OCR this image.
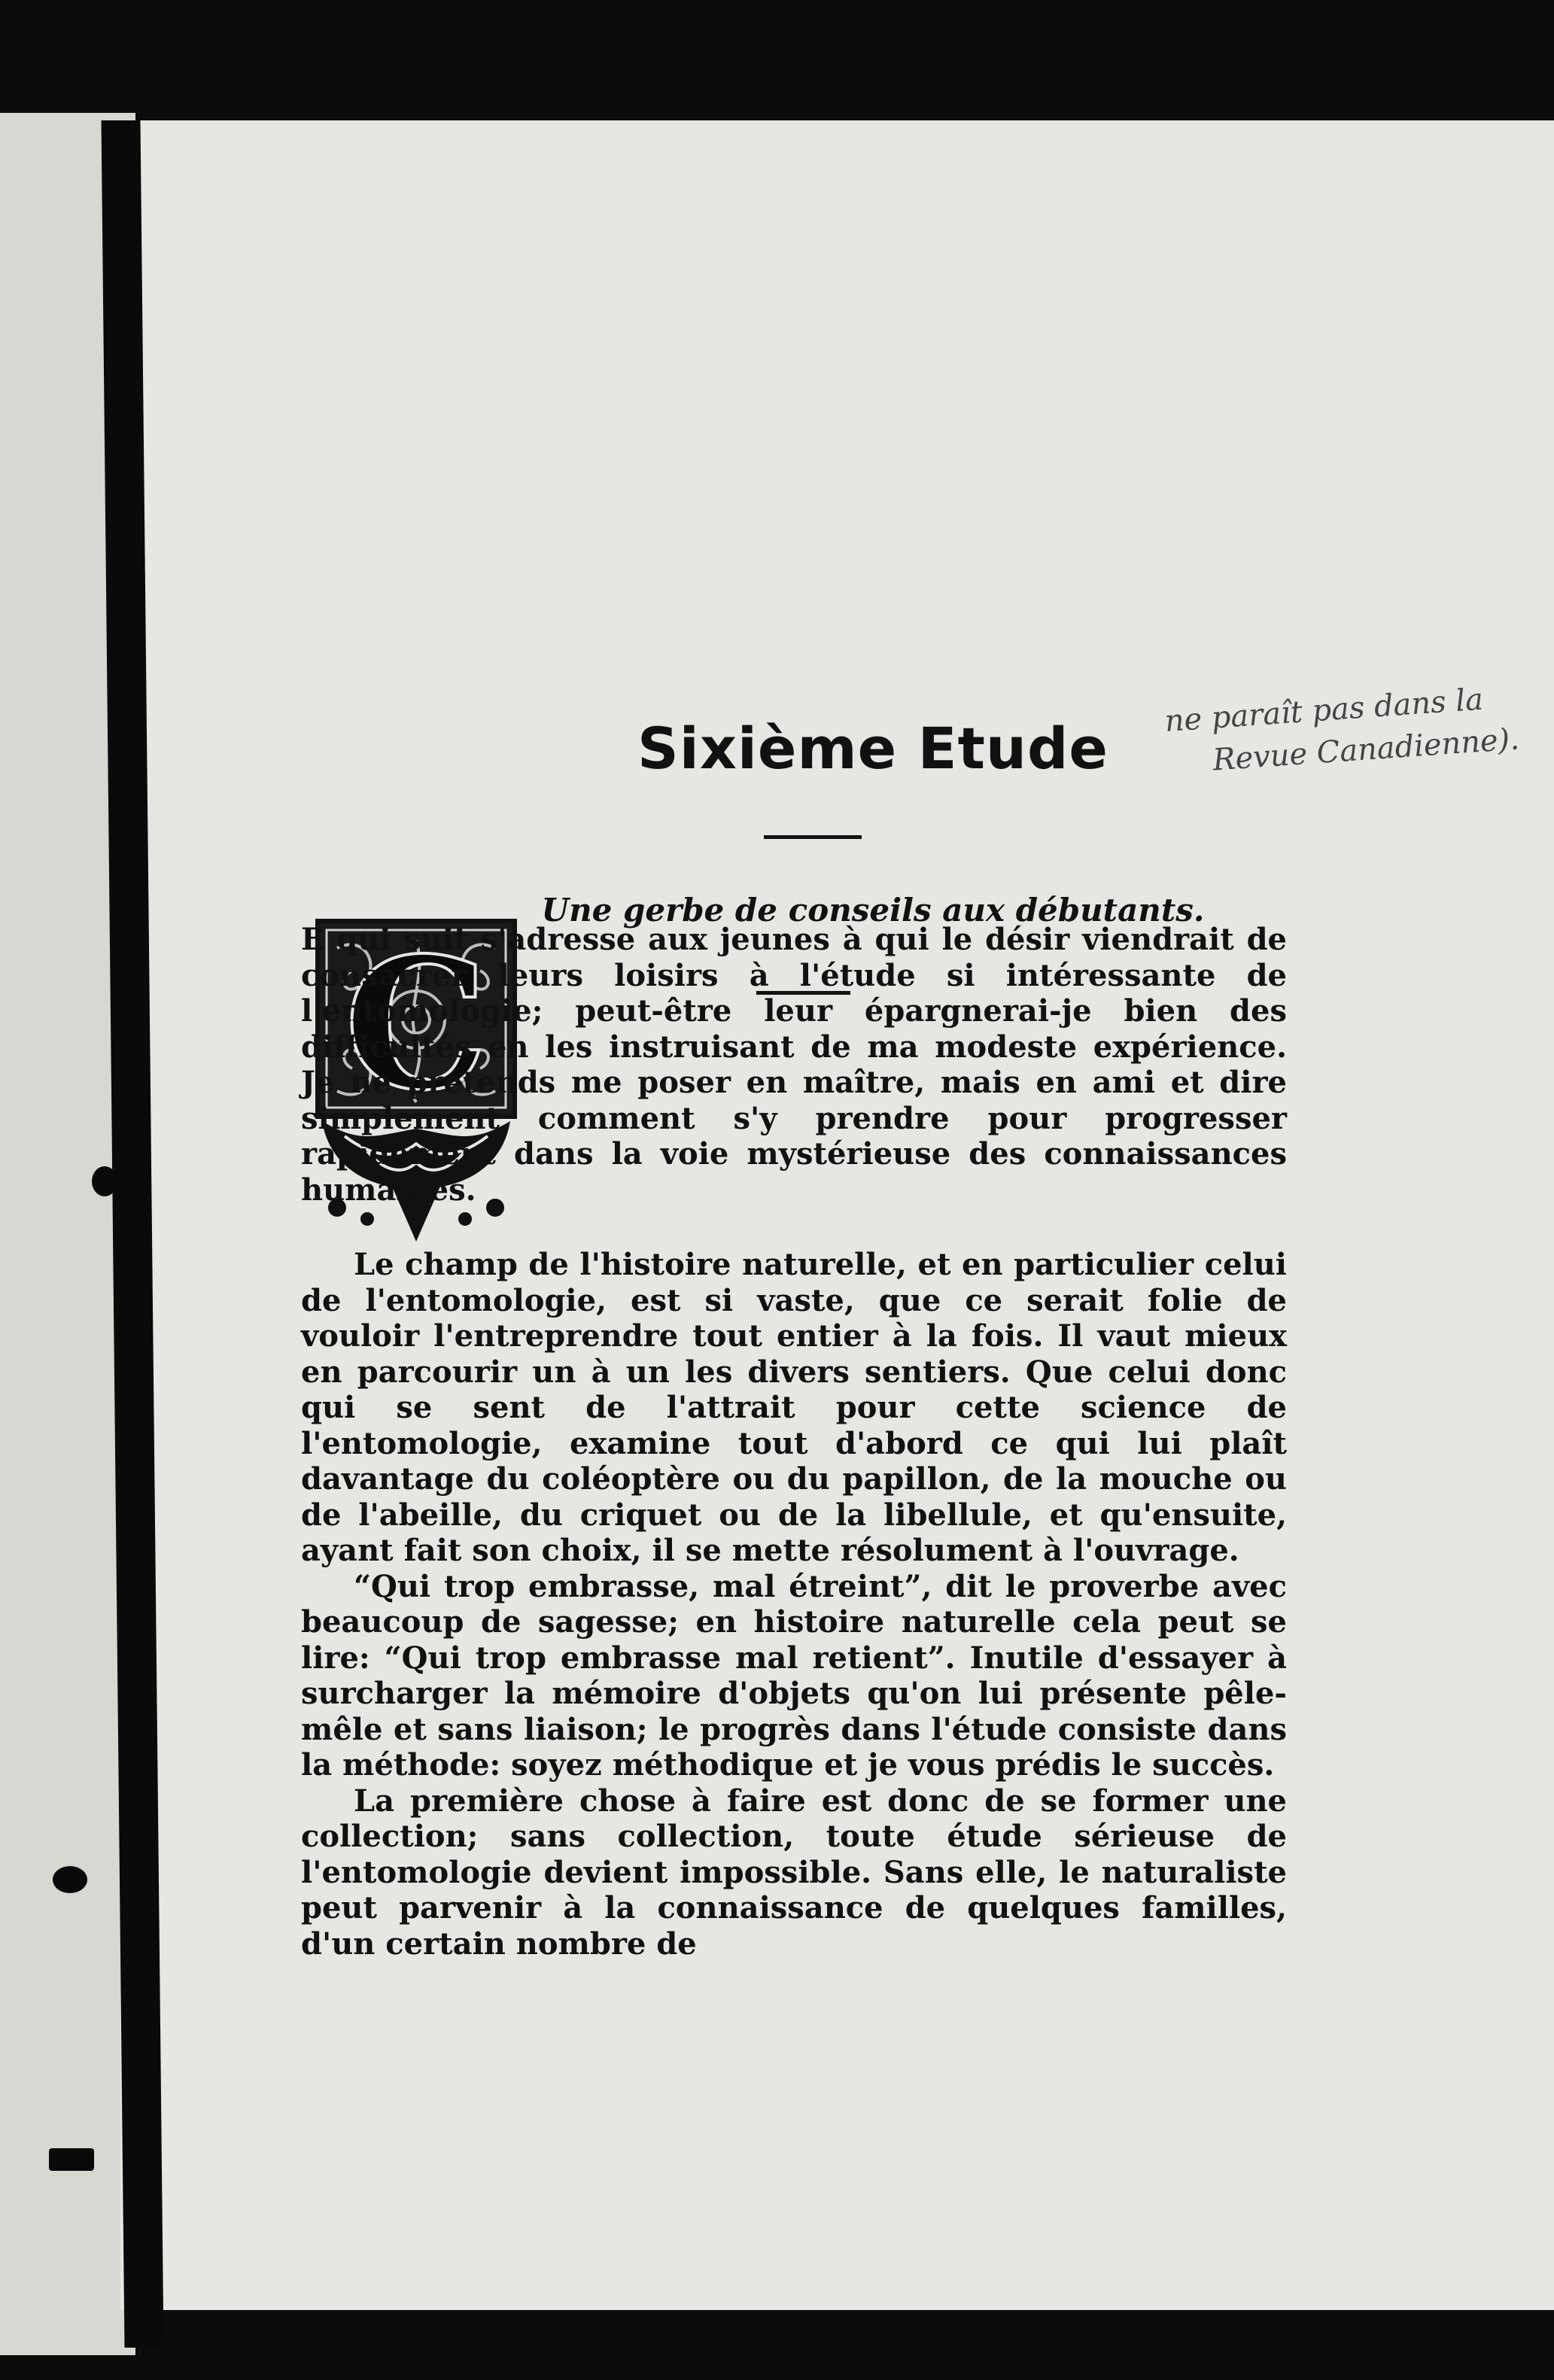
Sixième Etude
Une gerbe de conseils aux débutants.
ne paraît pas dans la
Revue Canadienne).
C

E qui suit s'adresse aux jeunes à qui le désir viendrait de consacrer leurs loisirs à l'étude si intéressante de l'entomologie; peut-être leur épargnerai-je bien des difficultés en les instruisant de ma modeste expérience. Je ne prétends me poser en maître, mais en ami et dire simplement comment s'y prendre pour progresser rapidement dans la voie mystérieuse des connaissances humaines.

Le champ de l'histoire naturelle, et en particulier celui de l'entomologie, est si vaste, que ce serait folie de vouloir l'entreprendre tout entier à la fois. Il vaut mieux en parcourir un à un les divers sentiers. Que celui donc qui se sent de l'attrait pour cette science de l'entomologie, examine tout d'abord ce qui lui plaît davantage du coléoptère ou du papillon, de la mouche ou de l'abeille, du criquet ou de la libellule, et qu'ensuite, ayant fait son choix, il se mette résolument à l'ouvrage.

“Qui trop embrasse, mal étreint”, dit le proverbe avec beaucoup de sagesse; en histoire naturelle cela peut se lire: “Qui trop embrasse mal retient”. Inutile d'essayer à surcharger la mémoire d'objets qu'on lui présente pêle-mêle et sans liaison; le progrès dans l'étude consiste dans la méthode: soyez méthodique et je vous prédis le succès.

La première chose à faire est donc de se former une collection; sans collection, toute étude sérieuse de l'entomologie devient impossible. Sans elle, le naturaliste peut parvenir à la connaissance de quelques familles, d'un certain nombre de
